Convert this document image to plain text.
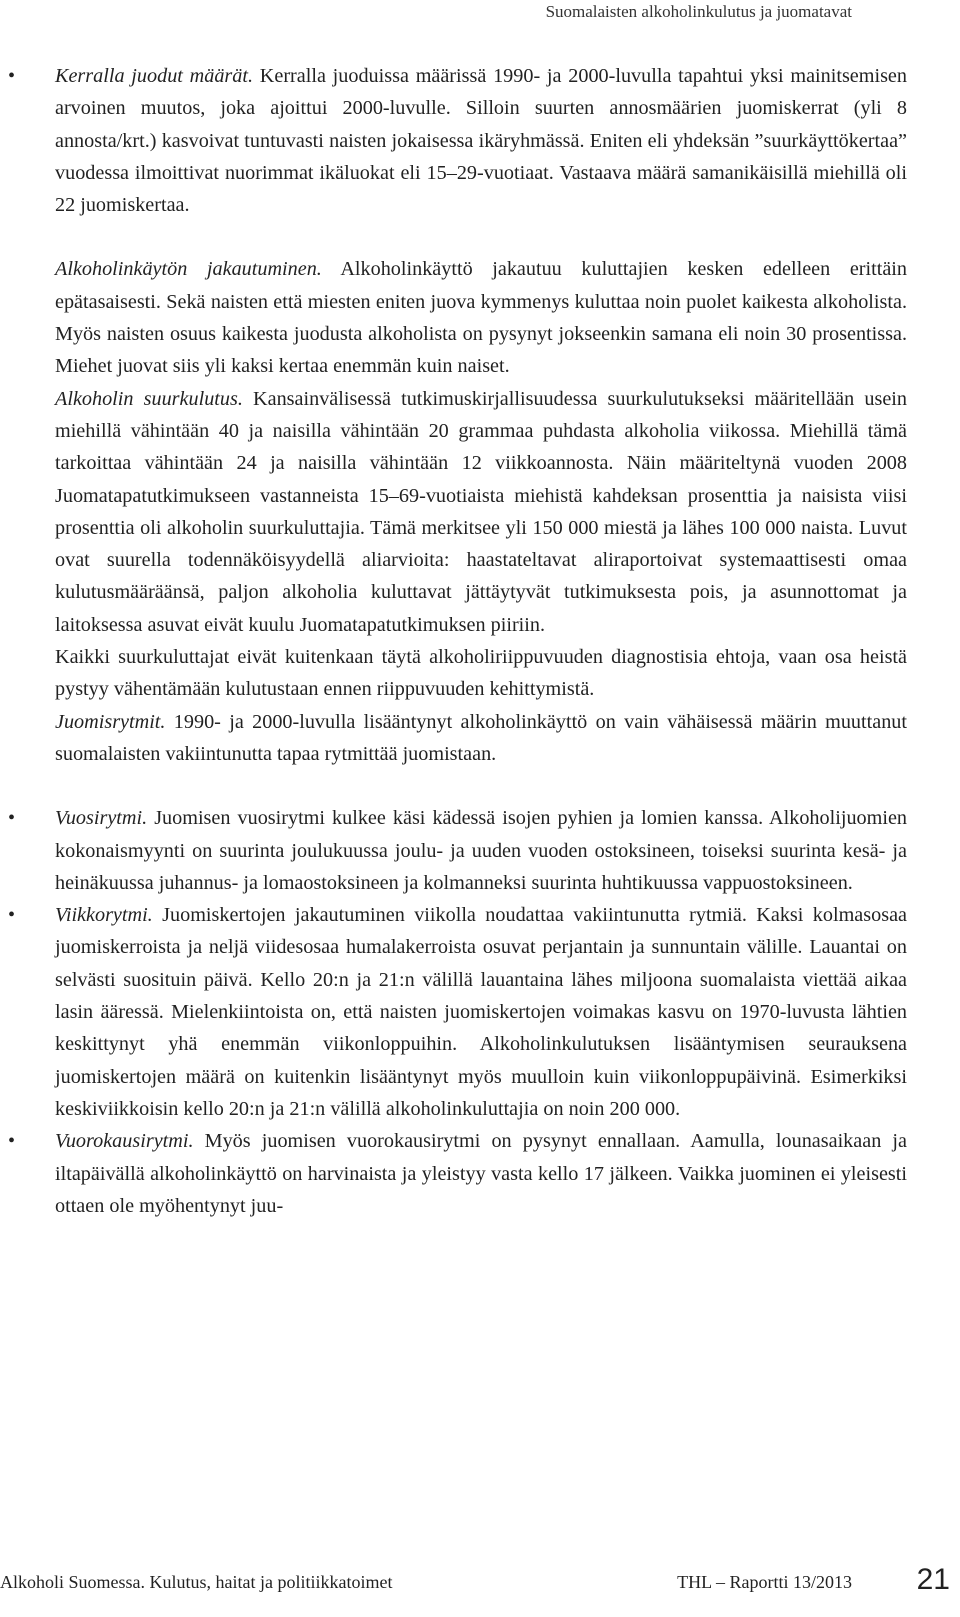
Suomalaisten alkoholinkulutus ja juomatavat

• Kerralla juodut määrät. Kerralla juoduissa määrissä 1990- ja 2000-luvulla tapahtui yksi mainitsemisen arvoinen muutos, joka ajoittui 2000-luvulle. Silloin suurten annosmäärien juomiskerrat (yli 8 annosta/krt.) kasvoivat tuntuvasti naisten jokaisessa ikäryhmässä. Eniten eli yhdeksän ”suurkäyttökertaa” vuodessa ilmoittivat nuorimmat ikäluokat eli 15–29-vuotiaat. Vastaava määrä samanikäisillä miehillä oli 22 juomiskertaa.

Alkoholinkäytön jakautuminen. Alkoholinkäyttö jakautuu kuluttajien kesken edelleen erittäin epätasaisesti. Sekä naisten että miesten eniten juova kymmenys kuluttaa noin puolet kaikesta alkoholista. Myös naisten osuus kaikesta juodusta alkoholista on pysynyt jokseenkin samana eli noin 30 prosentissa. Miehet juovat siis yli kaksi kertaa enemmän kuin naiset.

Alkoholin suurkulutus. Kansainvälisessä tutkimuskirjallisuudessa suurkulutukseksi määritellään usein miehillä vähintään 40 ja naisilla vähintään 20 grammaa puhdasta alkoholia viikossa. Miehillä tämä tarkoittaa vähintään 24 ja naisilla vähintään 12 viikkoannosta. Näin määriteltynä vuoden 2008 Juomatapatutkimukseen vastanneista 15–69-vuotiaista miehistä kahdeksan prosenttia ja naisista viisi prosenttia oli alkoholin suurkuluttajia. Tämä merkitsee yli 150 000 miestä ja lähes 100 000 naista. Luvut ovat suurella todennäköisyydellä aliarvioita: haastateltavat aliraportoivat systemaattisesti omaa kulutusmääräänsä, paljon alkoholia kuluttavat jättäytyvät tutkimuksesta pois, ja asunnottomat ja laitoksessa asuvat eivät kuulu Juomatapatutkimuksen piiriin.

Kaikki suurkuluttajat eivät kuitenkaan täytä alkoholiriippuvuuden diagnostisia ehtoja, vaan osa heistä pystyy vähentämään kulutustaan ennen riippuvuuden kehittymistä.

Juomisrytmit. 1990- ja 2000-luvulla lisääntynyt alkoholinkäyttö on vain vähäisessä määrin muuttanut suomalaisten vakiintunutta tapaa rytmittää juomistaan.

• Vuosirytmi. Juomisen vuosirytmi kulkee käsi kädessä isojen pyhien ja lomien kanssa. Alkoholijuomien kokonaismyynti on suurinta joulukuussa joulu- ja uuden vuoden ostoksineen, toiseksi suurinta kesä- ja heinäkuussa juhannus- ja lomaostoksineen ja kolmanneksi suurinta huhtikuussa vappuostoksineen.

• Viikkorytmi. Juomiskertojen jakautuminen viikolla noudattaa vakiintunutta rytmiä. Kaksi kolmasosaa juomiskerroista ja neljä viidesosaa humalakerroista osuvat perjantain ja sunnuntain välille. Lauantai on selvästi suosituin päivä. Kello 20:n ja 21:n välillä lauantaina lähes miljoona suomalaista viettää aikaa lasin ääressä. Mielenkiintoista on, että naisten juomiskertojen voimakas kasvu on 1970-luvusta lähtien keskittynyt yhä enemmän viikonloppuihin. Alkoholinkulutuksen lisääntymisen seurauksena juomiskertojen määrä on kuitenkin lisääntynyt myös muulloin kuin viikonloppupäivinä. Esimerkiksi keskiviikkoisin kello 20:n ja 21:n välillä alkoholinkuluttajia on noin 200 000.

• Vuorokausirytmi. Myös juomisen vuorokausirytmi on pysynyt ennallaan. Aamulla, lounasaikaan ja iltapäivällä alkoholinkäyttö on harvinaista ja yleistyy vasta kello 17 jälkeen. Vaikka juominen ei yleisesti ottaen ole myöhentynyt juu-

Alkoholi Suomessa. Kulutus, haitat ja politiikkatoimet	THL – Raportti 13/2013 21
